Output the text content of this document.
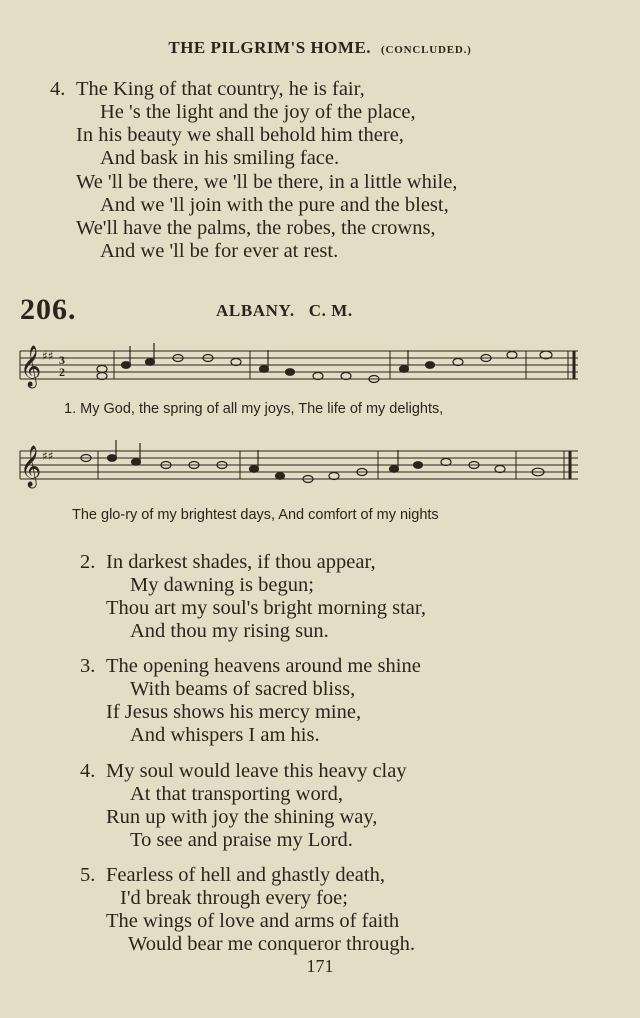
THE PILGRIM'S HOME. (CONCLUDED.)
4. The King of that country, he is fair,
He 's the light and the joy of the place,
In his beauty we shall behold him there,
And bask in his smiling face.
We 'll be there, we 'll be there, in a little while,
And we 'll join with the pure and the blest,
We'll have the palms, the robes, the crowns,
And we 'll be for ever at rest.
206.	ALBANY. C. M.
𝄞 ♯♯ 3
2
1. My God, the spring of all my joys, The life of my delights,
𝄞 ♯♯
The glo-ry of my brightest days, And comfort of my nights
2. In darkest shades, if thou appear,
My dawning is begun;
Thou art my soul's bright morning star,
And thou my rising sun.
3. The opening heavens around me shine
With beams of sacred bliss,
If Jesus shows his mercy mine,
And whispers I am his.
4. My soul would leave this heavy clay
At that transporting word,
Run up with joy the shining way,
To see and praise my Lord.
5. Fearless of hell and ghastly death,
I'd break through every foe;
The wings of love and arms of faith
Would bear me conqueror through.
171
